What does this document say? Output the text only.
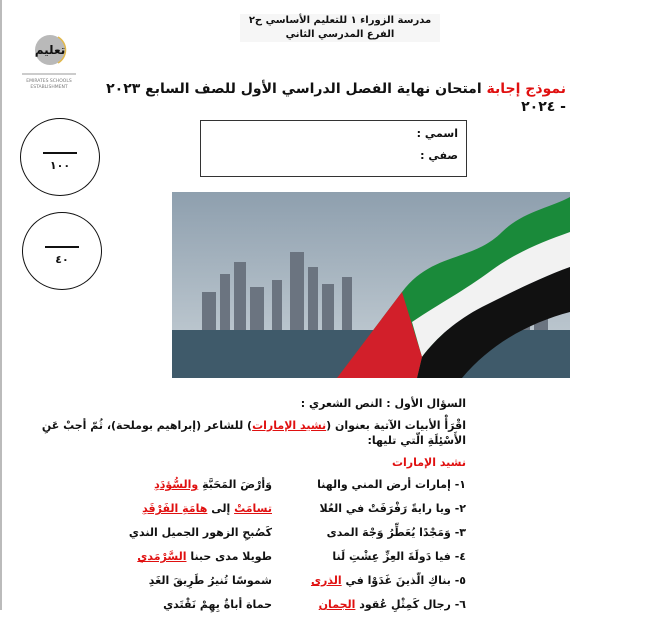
مدرسة الزوراء ١ للتعليم الأساسي ح٢
الفرع المدرسي الثاني
تعليم
EMIRATES SCHOOLS
ESTABLISHMENT	نموذج إجابة امتحان نهاية الفصل الدراسي الأول للصف السابع ٢٠٢٣ - ٢٠٢٤
١٠٠
٤٠
اسمي :
صفي :
السؤال الأول : النص الشعري :
اقْرَأْ الأبيات الآتية بعنوان (نشيد الإمارات) للشاعر (إبراهيم بوملحة)، ثُمّ أجبْ عَنِ الأَسْئِلَةِ الّتي تليها:
نشيد الإمارات
١- إمارات أرض المني والهنا
وَأرْضَ المَحَبَّةِ والسُّؤدَدِ
٢- ويا رايةً رَفْرَفَتْ في العُلا
تسامَتْ إلى هامَةِ الفَرْقَدِ
٣- وَمَجْدًا يُعَطِّرُ وَجْهَ المدى
كَصُبحِ الزهور الجميل الندي
٤- فيا دَولَةَ العِزِّ عِشْتِ لَنا
طويلا مدى حبنا السَّرْمَدي
٥- بناكِ الّذينَ غَدَوْا في الذرى
شموسًا تُنيرُ طَرِيقَ الغَدِ
٦- رجال كَمِثْلِ عُقود الجمان
حماة أباةٌ بِهِمْ نَقْتَدي
